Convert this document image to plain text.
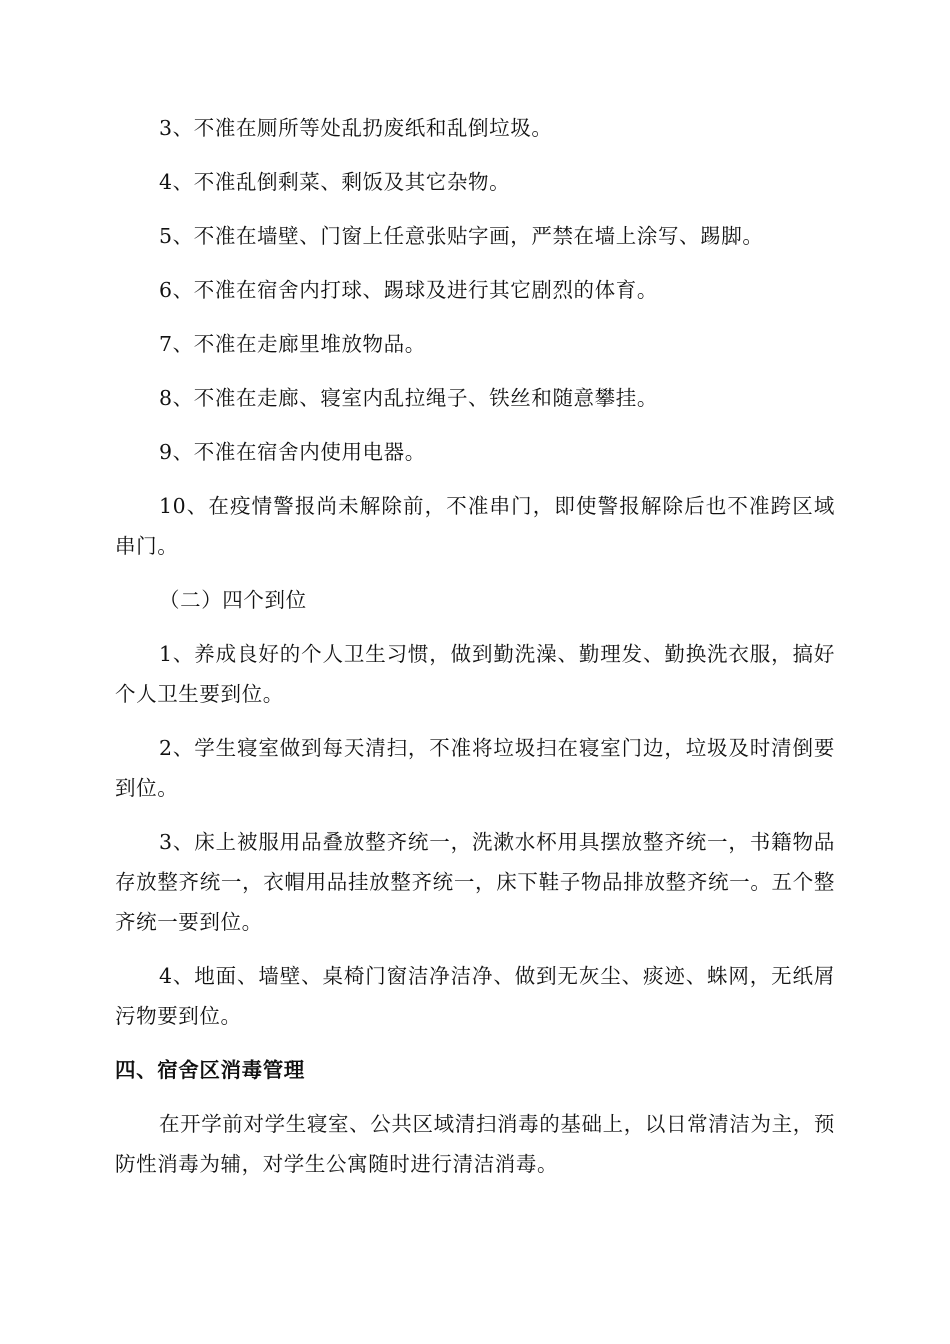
3、不准在厕所等处乱扔废纸和乱倒垃圾。

4、不准乱倒剩菜、剩饭及其它杂物。

5、不准在墙壁、门窗上任意张贴字画，严禁在墙上涂写、踢脚。

6、不准在宿舍内打球、踢球及进行其它剧烈的体育。

7、不准在走廊里堆放物品。

8、不准在走廊、寝室内乱拉绳子、铁丝和随意攀挂。

9、不准在宿舍内使用电器。

10、在疫情警报尚未解除前，不准串门，即使警报解除后也不准跨区域串门。

（二）四个到位

1、养成良好的个人卫生习惯，做到勤洗澡、勤理发、勤换洗衣服，搞好个人卫生要到位。

2、学生寝室做到每天清扫，不准将垃圾扫在寝室门边，垃圾及时清倒要到位。

3、床上被服用品叠放整齐统一，洗漱水杯用具摆放整齐统一，书籍物品存放整齐统一，衣帽用品挂放整齐统一，床下鞋子物品排放整齐统一。五个整齐统一要到位。

4、地面、墙壁、桌椅门窗洁净洁净、做到无灰尘、痰迹、蛛网，无纸屑污物要到位。

四、宿舍区消毒管理

在开学前对学生寝室、公共区域清扫消毒的基础上，以日常清洁为主，预防性消毒为辅，对学生公寓随时进行清洁消毒。
